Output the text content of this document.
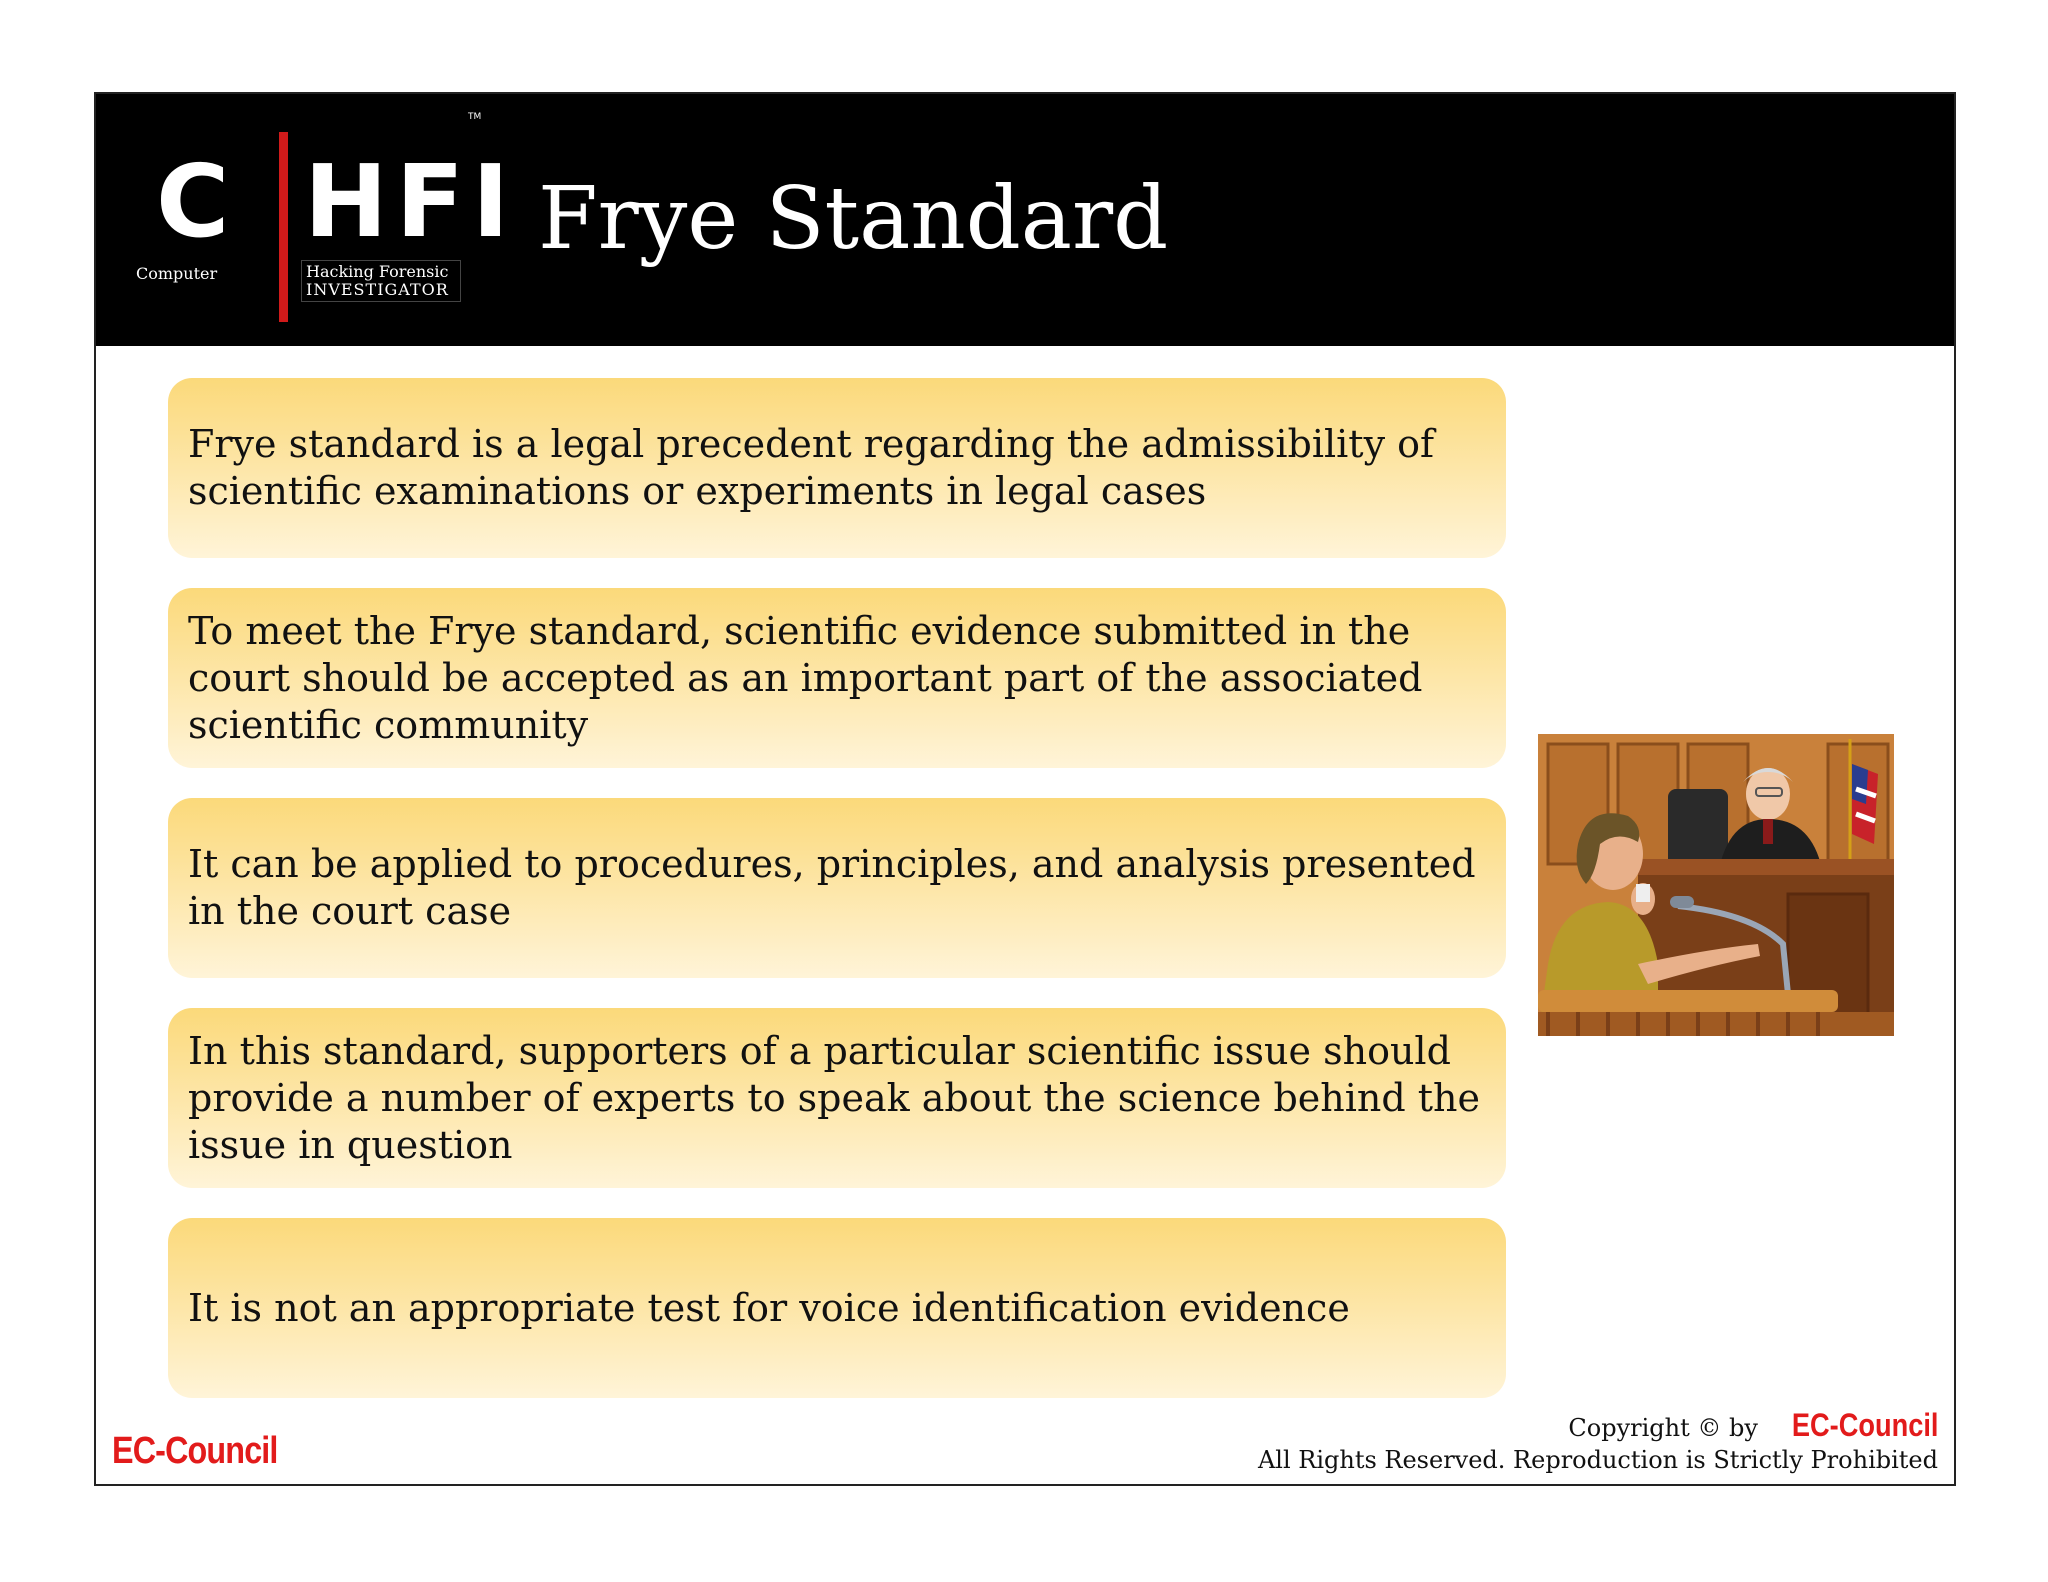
TM
C HFI
Computer	Hacking Forensic
INVESTIGATOR
Frye Standard
Frye standard is a legal precedent regarding the admissibility of scientific examinations or experiments in legal cases
To meet the Frye standard, scientific evidence submitted in the court should be accepted as an important part of the associated scientific community
It can be applied to procedures, principles, and analysis presented in the court case
In this standard, supporters of a particular scientific issue should provide a number of experts to speak about the science behind the issue in question
It is not an appropriate test for voice identification evidence
EC-Council
Copyright © by EC-Council
All Rights Reserved. Reproduction is Strictly Prohibited
